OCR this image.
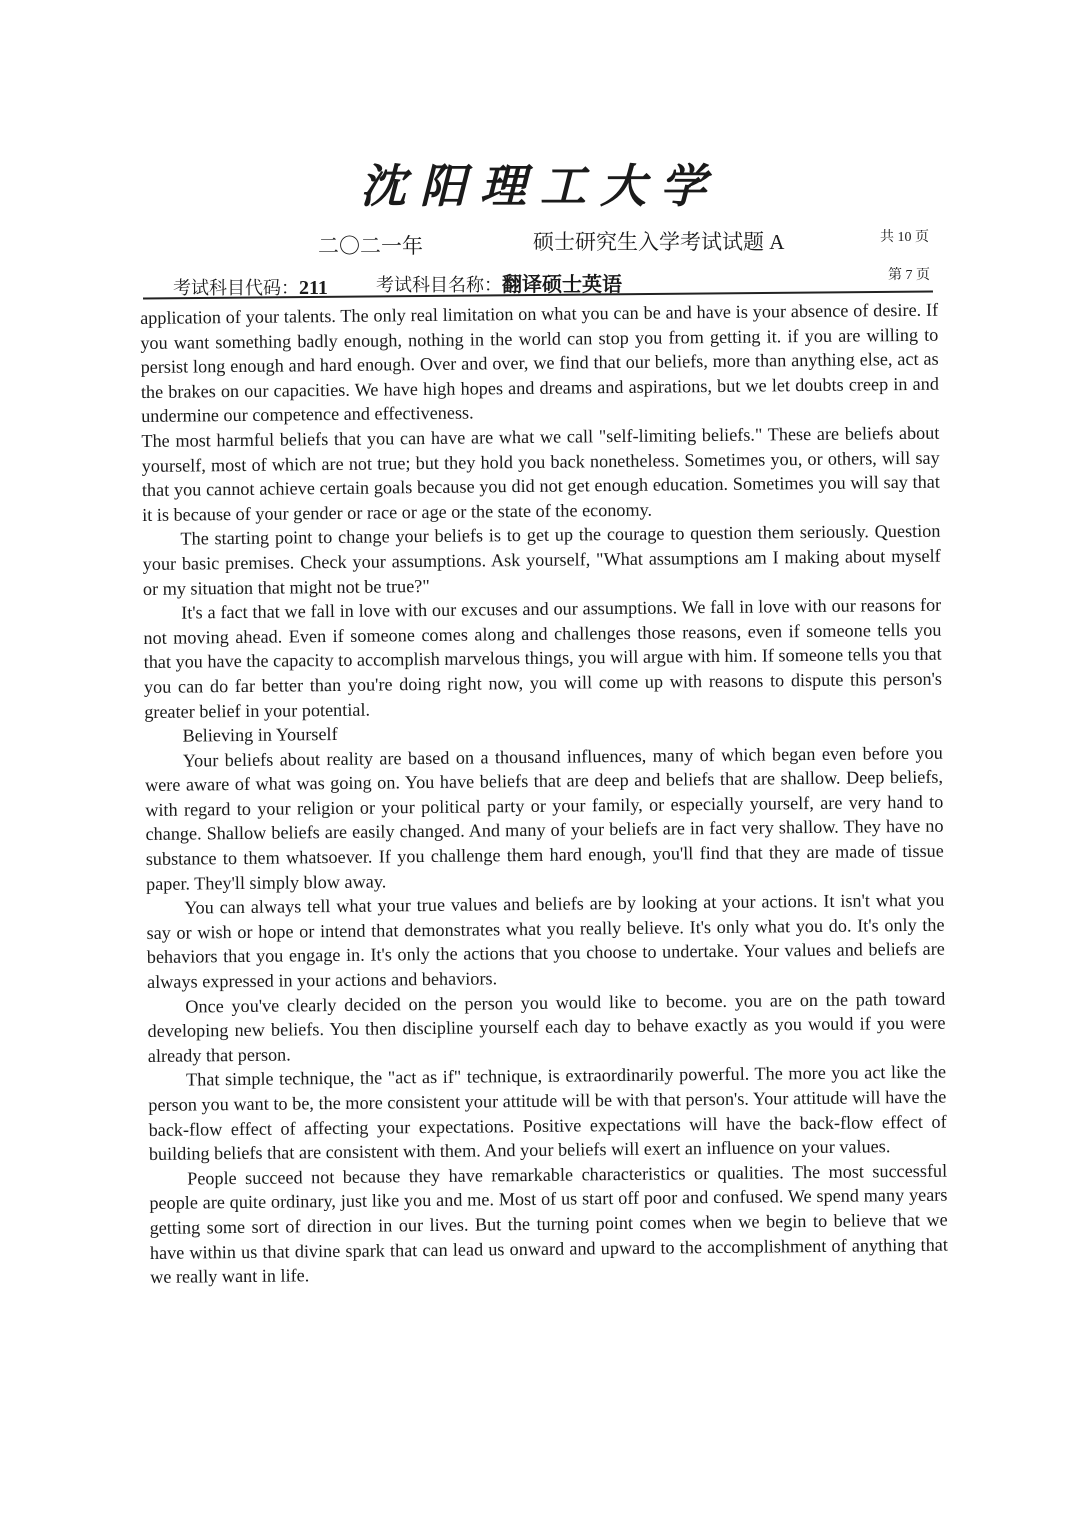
沈阳理工大学
二〇二一年	硕士研究生入学考试试题 A	共 10 页
第 7 页
考试科目代码：211	考试科目名称：翻译硕士英语

application of your talents. The only real limitation on what you can be and have is your absence of desire. If you want something badly enough, nothing in the world can stop you from getting it. if you are willing to persist long enough and hard enough. Over and over, we find that our beliefs, more than anything else, act as the brakes on our capacities. We have high hopes and dreams and aspirations, but we let doubts creep in and undermine our competence and effectiveness.

The most harmful beliefs that you can have are what we call "self-limiting beliefs." These are beliefs about yourself, most of which are not true; but they hold you back nonetheless. Sometimes you, or others, will say that you cannot achieve certain goals because you did not get enough education. Sometimes you will say that it is because of your gender or race or age or the state of the economy.

The starting point to change your beliefs is to get up the courage to question them seriously. Question your basic premises. Check your assumptions. Ask yourself, "What assumptions am I making about myself or my situation that might not be true?"

It's a fact that we fall in love with our excuses and our assumptions. We fall in love with our reasons for not moving ahead. Even if someone comes along and challenges those reasons, even if someone tells you that you have the capacity to accomplish marvelous things, you will argue with him. If someone tells you that you can do far better than you're doing right now, you will come up with reasons to dispute this person's greater belief in your potential.

Believing in Yourself

Your beliefs about reality are based on a thousand influences, many of which began even before you were aware of what was going on. You have beliefs that are deep and beliefs that are shallow. Deep beliefs, with regard to your religion or your political party or your family, or especially yourself, are very hand to change. Shallow beliefs are easily changed. And many of your beliefs are in fact very shallow. They have no substance to them whatsoever. If you challenge them hard enough, you'll find that they are made of tissue paper. They'll simply blow away.

You can always tell what your true values and beliefs are by looking at your actions. It isn't what you say or wish or hope or intend that demonstrates what you really believe. It's only what you do. It's only the behaviors that you engage in. It's only the actions that you choose to undertake. Your values and beliefs are always expressed in your actions and behaviors.

Once you've clearly decided on the person you would like to become. you are on the path toward developing new beliefs. You then discipline yourself each day to behave exactly as you would if you were already that person.

That simple technique, the "act as if" technique, is extraordinarily powerful. The more you act like the person you want to be, the more consistent your attitude will be with that person's. Your attitude will have the back-flow effect of affecting your expectations. Positive expectations will have the back-flow effect of building beliefs that are consistent with them. And your beliefs will exert an influence on your values.

People succeed not because they have remarkable characteristics or qualities. The most successful people are quite ordinary, just like you and me. Most of us start off poor and confused. We spend many years getting some sort of direction in our lives. But the turning point comes when we begin to believe that we have within us that divine spark that can lead us onward and upward to the accomplishment of anything that we really want in life.
